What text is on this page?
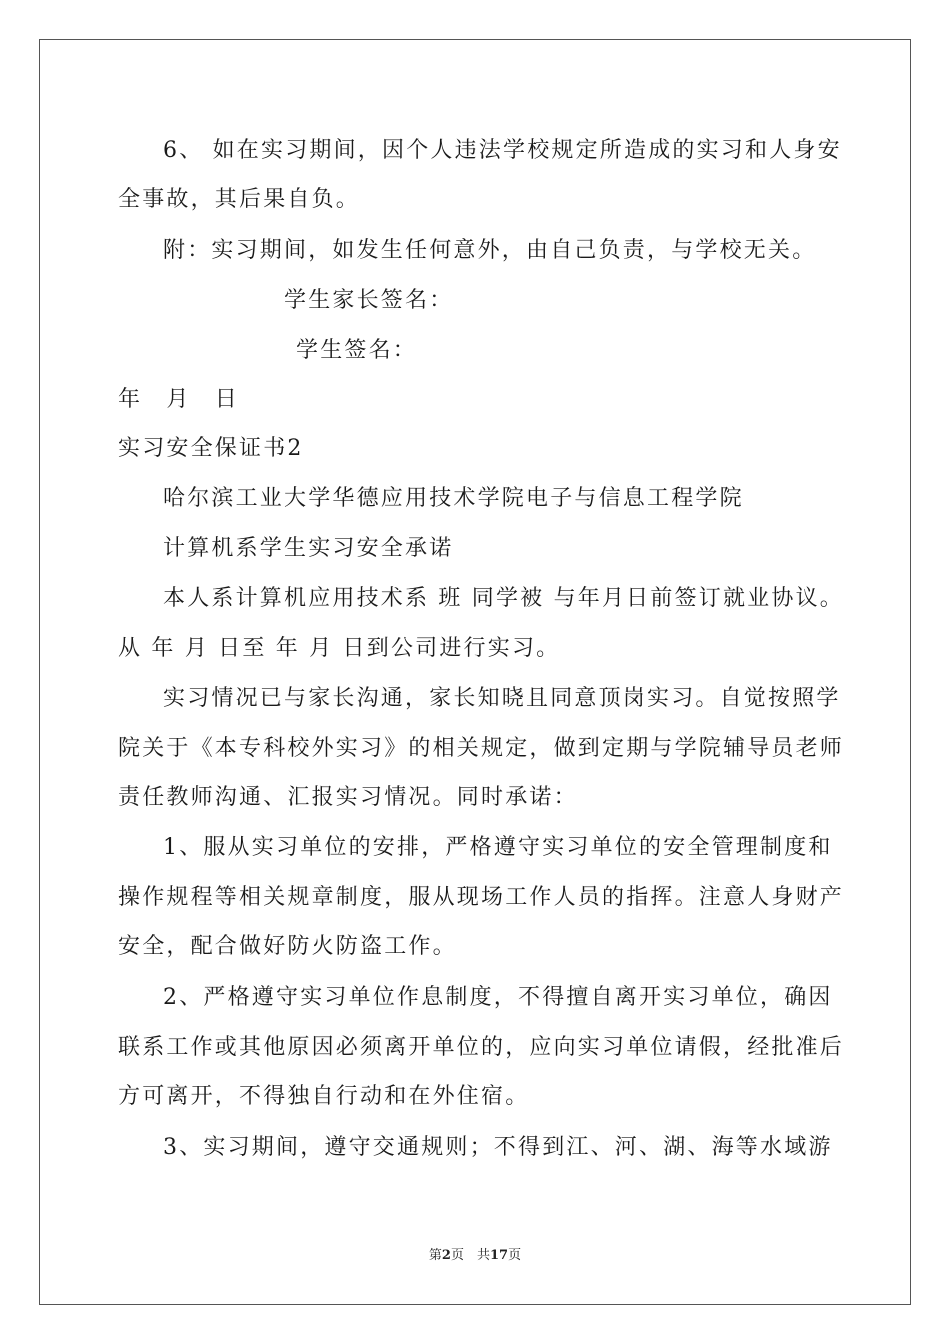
6、 如在实习期间，因个人违法学校规定所造成的实习和人身安
全事故，其后果自负。
附：实习期间，如发生任何意外，由自己负责，与学校无关。
学生家长签名：
学生签名：
年　月　日
实习安全保证书2
哈尔滨工业大学华德应用技术学院电子与信息工程学院
计算机系学生实习安全承诺
本人系计算机应用技术系 班 同学被 与年月日前签订就业协议。
从 年 月 日至 年 月 日到公司进行实习。
实习情况已与家长沟通，家长知晓且同意顶岗实习。自觉按照学
院关于《本专科校外实习》的相关规定，做到定期与学院辅导员老师
责任教师沟通、汇报实习情况。同时承诺：
1、服从实习单位的安排，严格遵守实习单位的安全管理制度和
操作规程等相关规章制度，服从现场工作人员的指挥。注意人身财产
安全，配合做好防火防盗工作。
2、严格遵守实习单位作息制度，不得擅自离开实习单位，确因
联系工作或其他原因必须离开单位的，应向实习单位请假，经批准后
方可离开，不得独自行动和在外住宿。
3、实习期间，遵守交通规则；不得到江、河、湖、海等水域游
第2页　共17页
